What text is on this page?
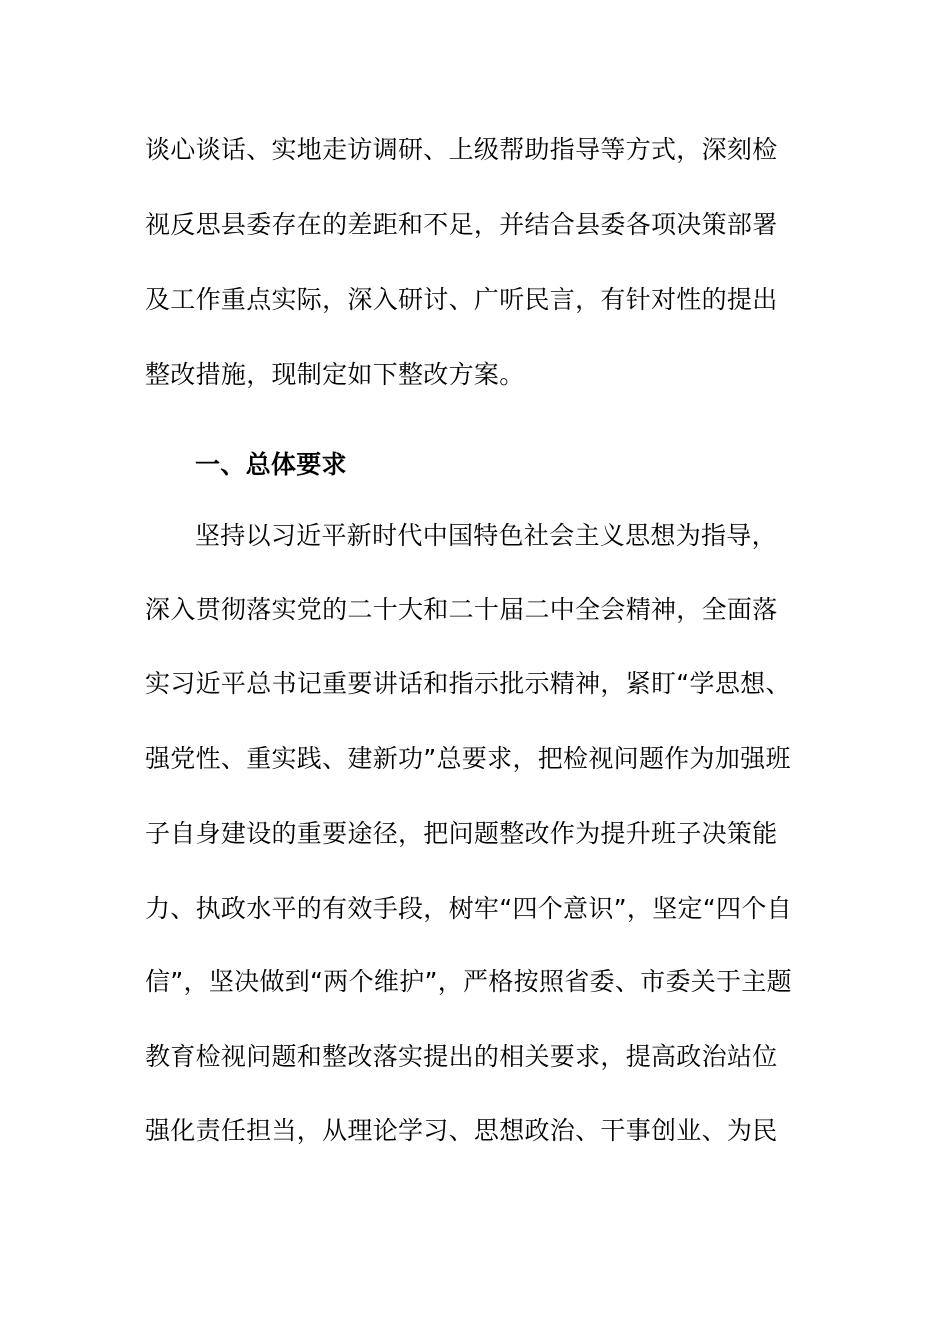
谈心谈话、实地走访调研、上级帮助指导等方式，深刻检
视反思县委存在的差距和不足，并结合县委各项决策部署
及工作重点实际，深入研讨、广听民言，有针对性的提出
整改措施，现制定如下整改方案。
一、总体要求
坚持以习近平新时代中国特色社会主义思想为指导，
深入贯彻落实党的二十大和二十届二中全会精神，全面落
实习近平总书记重要讲话和指示批示精神，紧盯“学思想、
强党性、重实践、建新功”总要求，把检视问题作为加强班
子自身建设的重要途径，把问题整改作为提升班子决策能
力、执政水平的有效手段，树牢“四个意识”，坚定“四个自
信”，坚决做到“两个维护”，严格按照省委、市委关于主题
教育检视问题和整改落实提出的相关要求，提高政治站位
强化责任担当，从理论学习、思想政治、干事创业、为民
